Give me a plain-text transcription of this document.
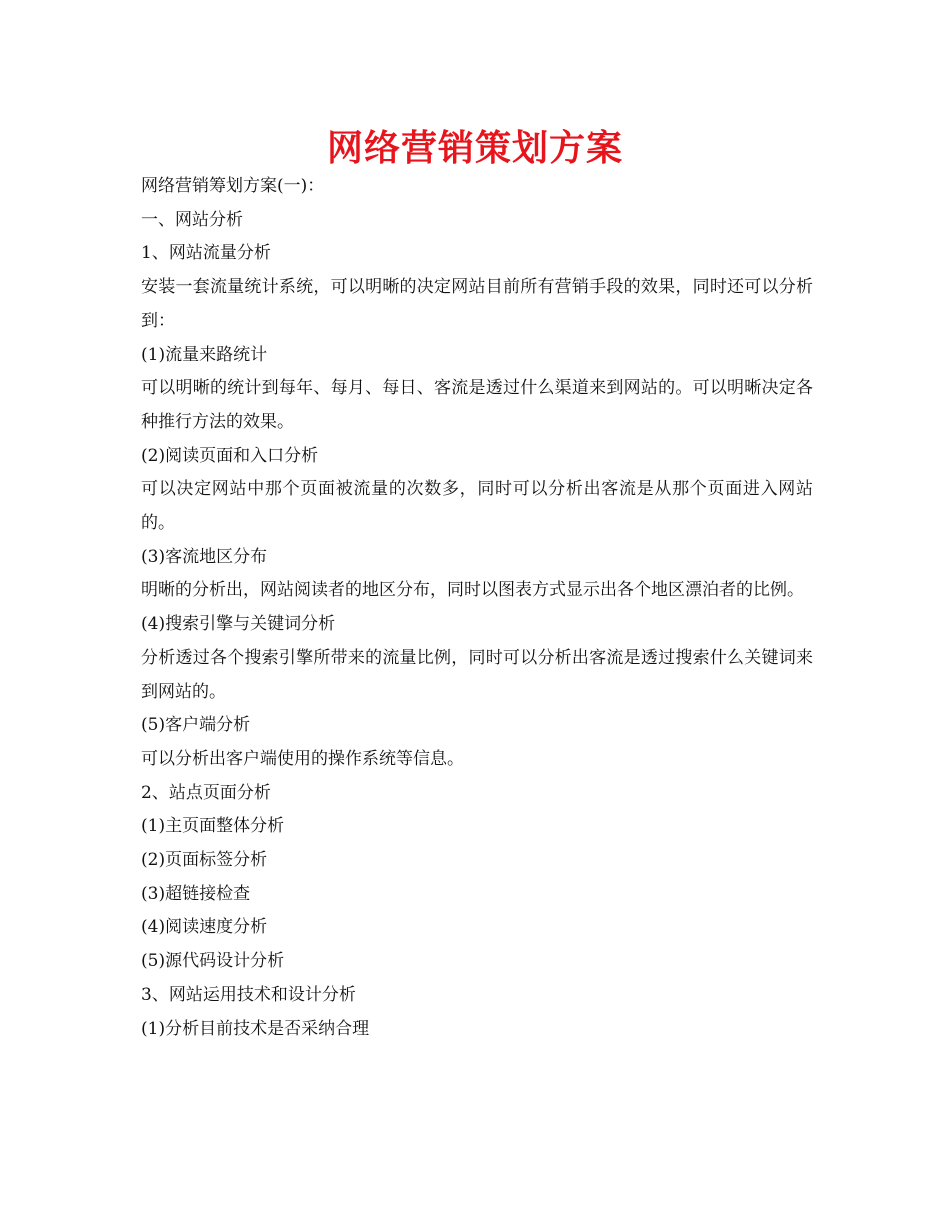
网络营销策划方案

网络营销筹划方案(一)：

一、网站分析

1、网站流量分析

安装一套流量统计系统，可以明晰的决定网站目前所有营销手段的效果，同时还可以分析到：

(1)流量来路统计

可以明晰的统计到每年、每月、每日、客流是透过什么渠道来到网站的。可以明晰决定各种推行方法的效果。

(2)阅读页面和入口分析

可以决定网站中那个页面被流量的次数多，同时可以分析出客流是从那个页面进入网站的。

(3)客流地区分布

明晰的分析出，网站阅读者的地区分布，同时以图表方式显示出各个地区漂泊者的比例。

(4)搜索引擎与关键词分析

分析透过各个搜索引擎所带来的流量比例，同时可以分析出客流是透过搜索什么关键词来到网站的。

(5)客户端分析

可以分析出客户端使用的操作系统等信息。

2、站点页面分析

(1)主页面整体分析

(2)页面标签分析

(3)超链接检查

(4)阅读速度分析

(5)源代码设计分析

3、网站运用技术和设计分析

(1)分析目前技术是否采纳合理
